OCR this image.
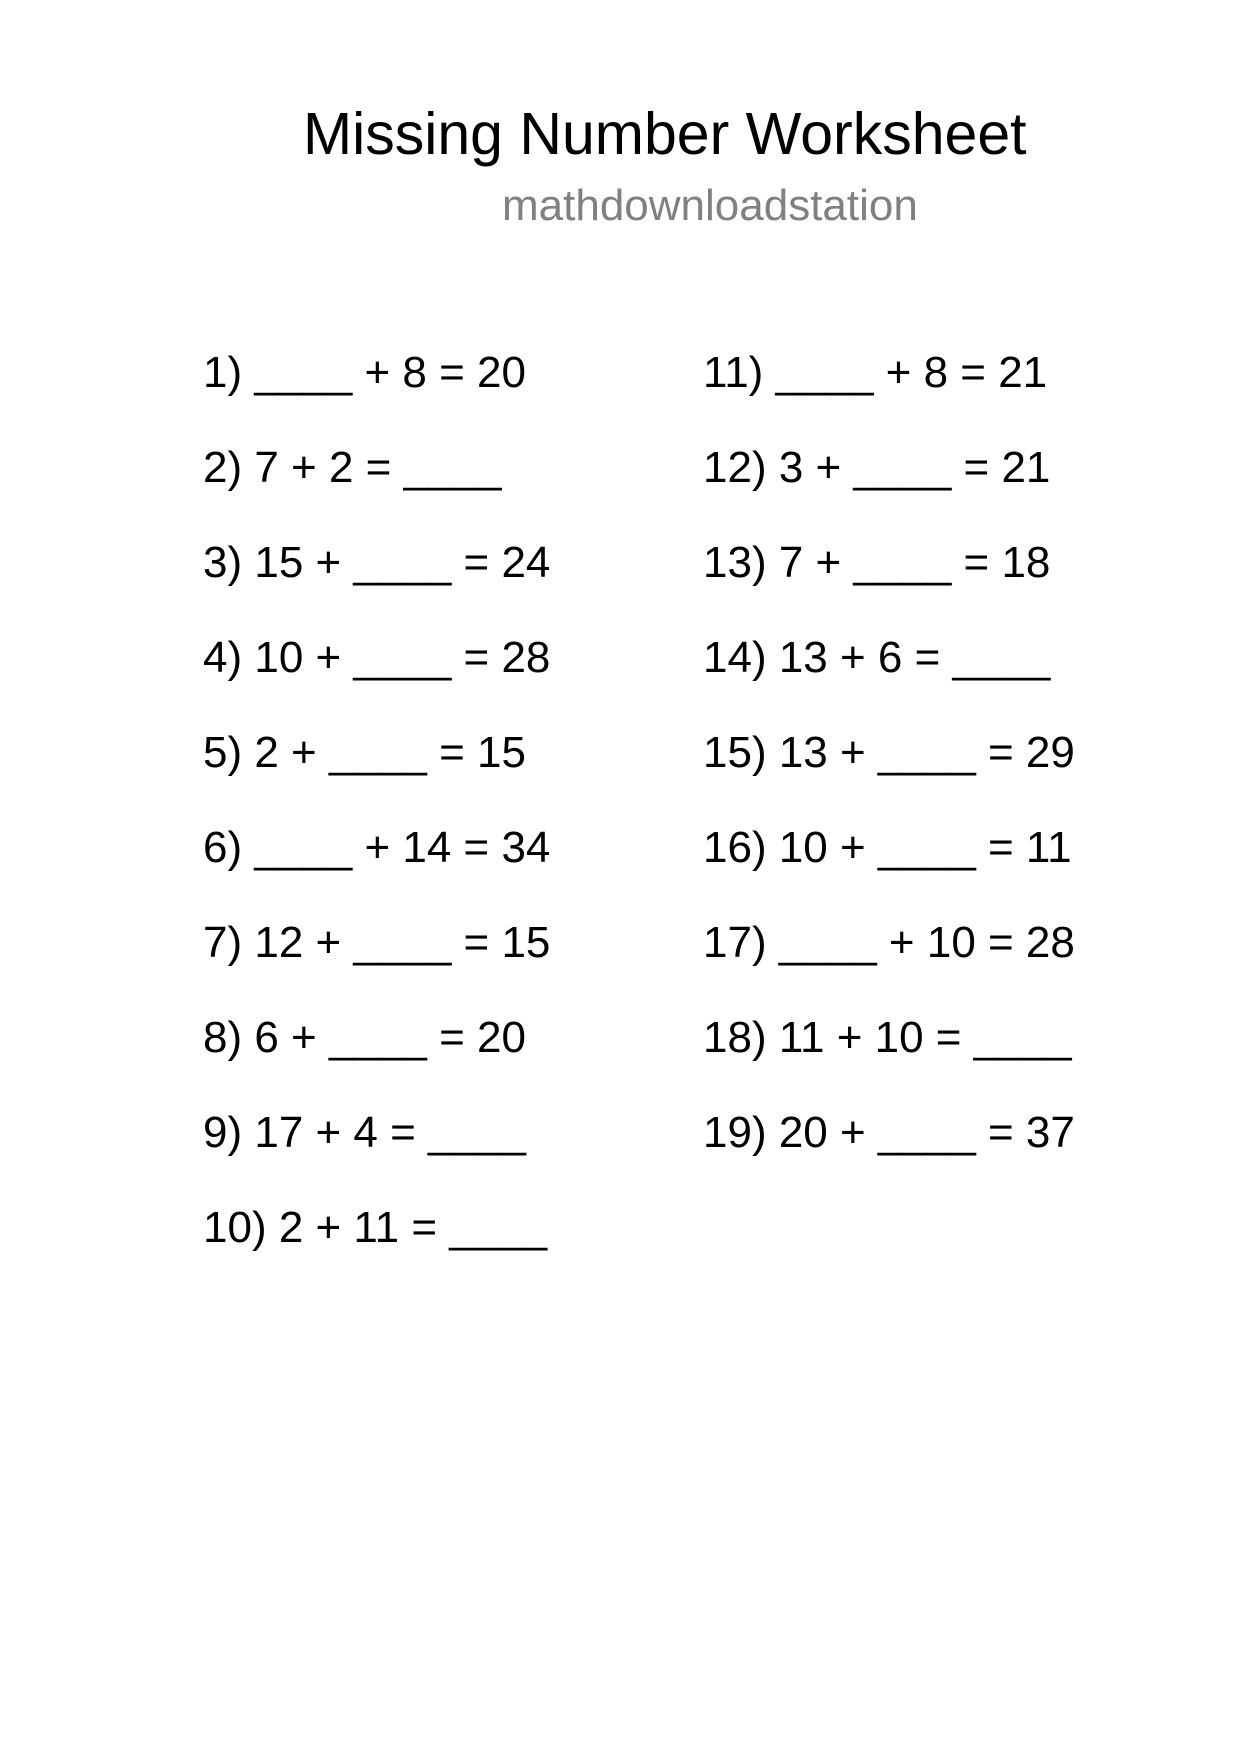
Missing Number Worksheet
mathdownloadstation
1) ____ + 8 = 20
2) 7 + 2 = ____
3) 15 + ____ = 24
4) 10 + ____ = 28
5) 2 + ____ = 15
6) ____ + 14 = 34
7) 12 + ____ = 15
8) 6 + ____ = 20
9) 17 + 4 = ____
10) 2 + 11 = ____
11) ____ + 8 = 21
12) 3 + ____ = 21
13) 7 + ____ = 18
14) 13 + 6 = ____
15) 13 + ____ = 29
16) 10 + ____ = 11
17) ____ + 10 = 28
18) 11 + 10 = ____
19) 20 + ____ = 37
